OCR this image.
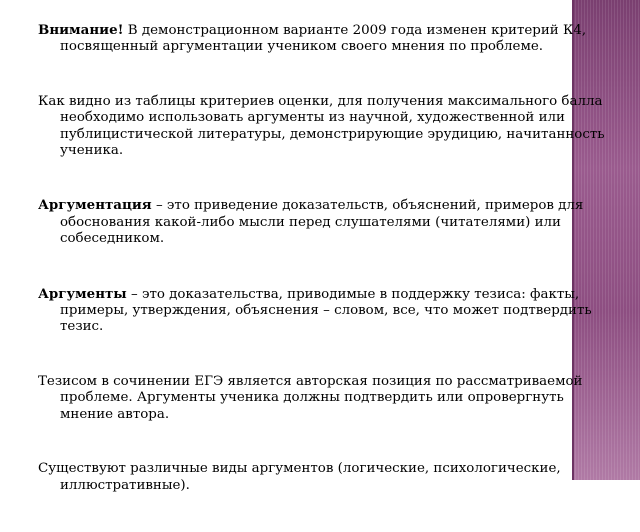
Внимание! В демонстрационном варианте 2009 года изменен критерий К4, посвященный аргументации учеником своего мнения по проблеме.

Как видно из таблицы критериев оценки, для получения максимального балла необходимо использовать аргументы из научной, художественной или публицистической литературы, демонстрирующие эрудицию, начитанность ученика.

Аргументация – это приведение доказательств, объяснений, примеров для обоснования какой-либо мысли перед слушателями (читателями) или собеседником.

Аргументы – это доказательства, приводимые в поддержку тезиса: факты, примеры, утверждения, объяснения – словом, все, что может подтвердить тезис.

Тезисом в сочинении ЕГЭ является авторская позиция по рассматриваемой проблеме. Аргументы ученика должны подтвердить или опровергнуть мнение автора.

Существуют различные виды аргументов (логические, психологические, иллюстративные).
